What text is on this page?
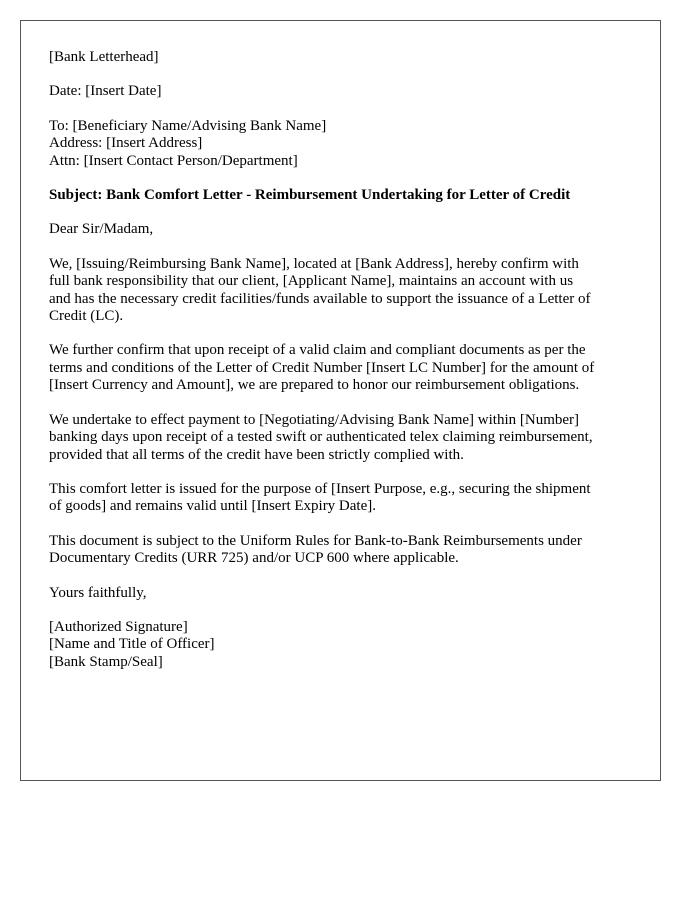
[Bank Letterhead]

Date: [Insert Date]

To: [Beneficiary Name/Advising Bank Name]
Address: [Insert Address]
Attn: [Insert Contact Person/Department]

Subject: Bank Comfort Letter - Reimbursement Undertaking for Letter of Credit

Dear Sir/Madam,

We, [Issuing/Reimbursing Bank Name], located at [Bank Address], hereby confirm with
full bank responsibility that our client, [Applicant Name], maintains an account with us
and has the necessary credit facilities/funds available to support the issuance of a Letter of
Credit (LC).

We further confirm that upon receipt of a valid claim and compliant documents as per the
terms and conditions of the Letter of Credit Number [Insert LC Number] for the amount of
[Insert Currency and Amount], we are prepared to honor our reimbursement obligations.

We undertake to effect payment to [Negotiating/Advising Bank Name] within [Number]
banking days upon receipt of a tested swift or authenticated telex claiming reimbursement,
provided that all terms of the credit have been strictly complied with.

This comfort letter is issued for the purpose of [Insert Purpose, e.g., securing the shipment
of goods] and remains valid until [Insert Expiry Date].

This document is subject to the Uniform Rules for Bank-to-Bank Reimbursements under
Documentary Credits (URR 725) and/or UCP 600 where applicable.

Yours faithfully,

[Authorized Signature]
[Name and Title of Officer]
[Bank Stamp/Seal]
